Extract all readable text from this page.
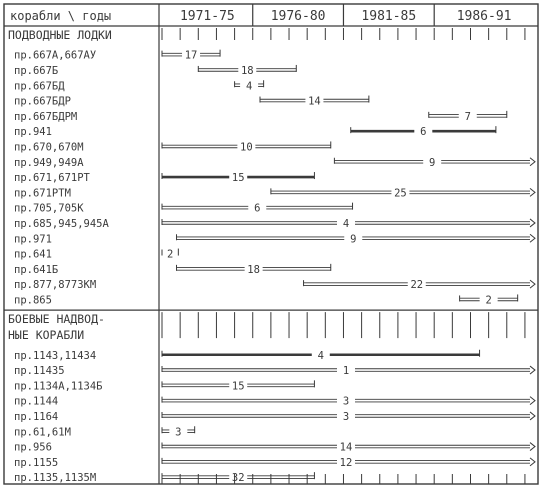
корабли \ годы	1971-75	1976-80	1981-85	1986-91
ПОДВОДНЫЕ ЛОДКИ
пр.667А,667АУ	17
пр.667Б	18
пр.667БД	4
пр.667БДР	14
пр.667БДРМ	7
пр.941	6
пр.670,670М	10
пр.949,949А	9
пр.671,671РТ	15
пр.671РТМ	25
пр.705,705К	6
пр.685,945,945А	4
пр.971	9
пр.641	2
пр.641Б	18
пр.877,8773КМ	22
пр.865	2
БОЕВЫЕ НАДВОД-
НЫЕ КОРАБЛИ
пр.1143,11434	4
пр.11435	1
пр.1134А,1134Б	15
пр.1144	3
пр.1164	3
пр.61,61М	3
пр.956	14
пр.1155	12
пр.1135,1135М	32
